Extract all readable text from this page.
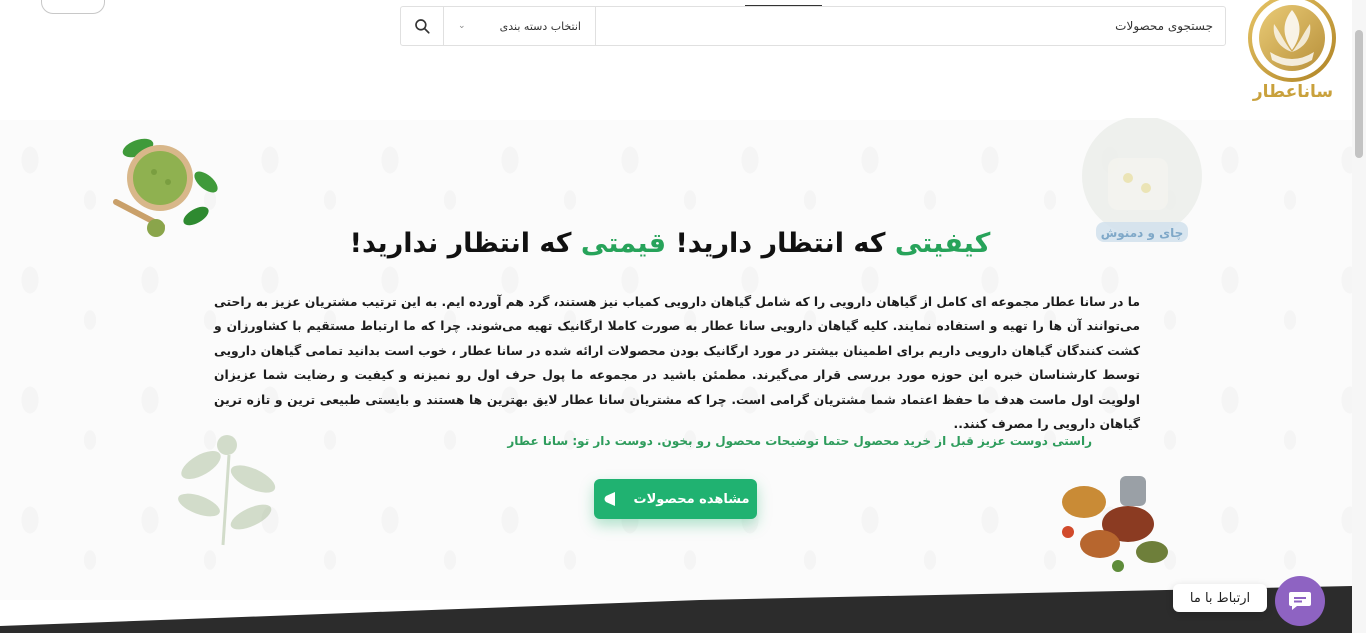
جستجوی محصولات
انتخاب دسته بندی
⌄
ساناعطار
چای و دمنوش
کیفیتی که انتظار دارید! قیمتی که انتظار ندارید!
ما در سانا عطار مجموعه ای کامل از گیاهان دارویی را که شامل گیاهان دارویی کمیاب نیز هستند، گرد هم آورده ایم. به این ترتیب مشتریان عزیز به راحتی می‌توانند آن ها را تهیه و استفاده نمایند. کلیه گیاهان دارویی سانا عطار به صورت کاملا ارگانیک تهیه می‌شوند. چرا که ما ارتباط مستقیم با کشاورزان و کشت کنندگان گیاهان دارویی داریم برای اطمینان بیشتر در مورد ارگانیک بودن محصولات ارائه شده در سانا عطار ، خوب است بدانید تمامی گیاهان دارویی توسط کارشناسان خبره این حوزه مورد بررسی قرار می‌گیرند. مطمئن باشید در مجموعه ما پول حرف اول رو نمیزنه و کیفیت و رضایت شما عزیزان اولویت اول ماست هدف ما حفظ اعتماد شما مشتریان گرامی است. چرا که مشتریان سانا عطار لایق بهترین ها هستند و بایستی طبیعی ترین و تازه ترین گیاهان دارویی را مصرف کنند..
راستی دوست عزیز قبل از خرید محصول حتما توضیحات محصول رو بخون. دوست دار تو: سانا عطار
مشاهده محصولات
ارتباط با ما
